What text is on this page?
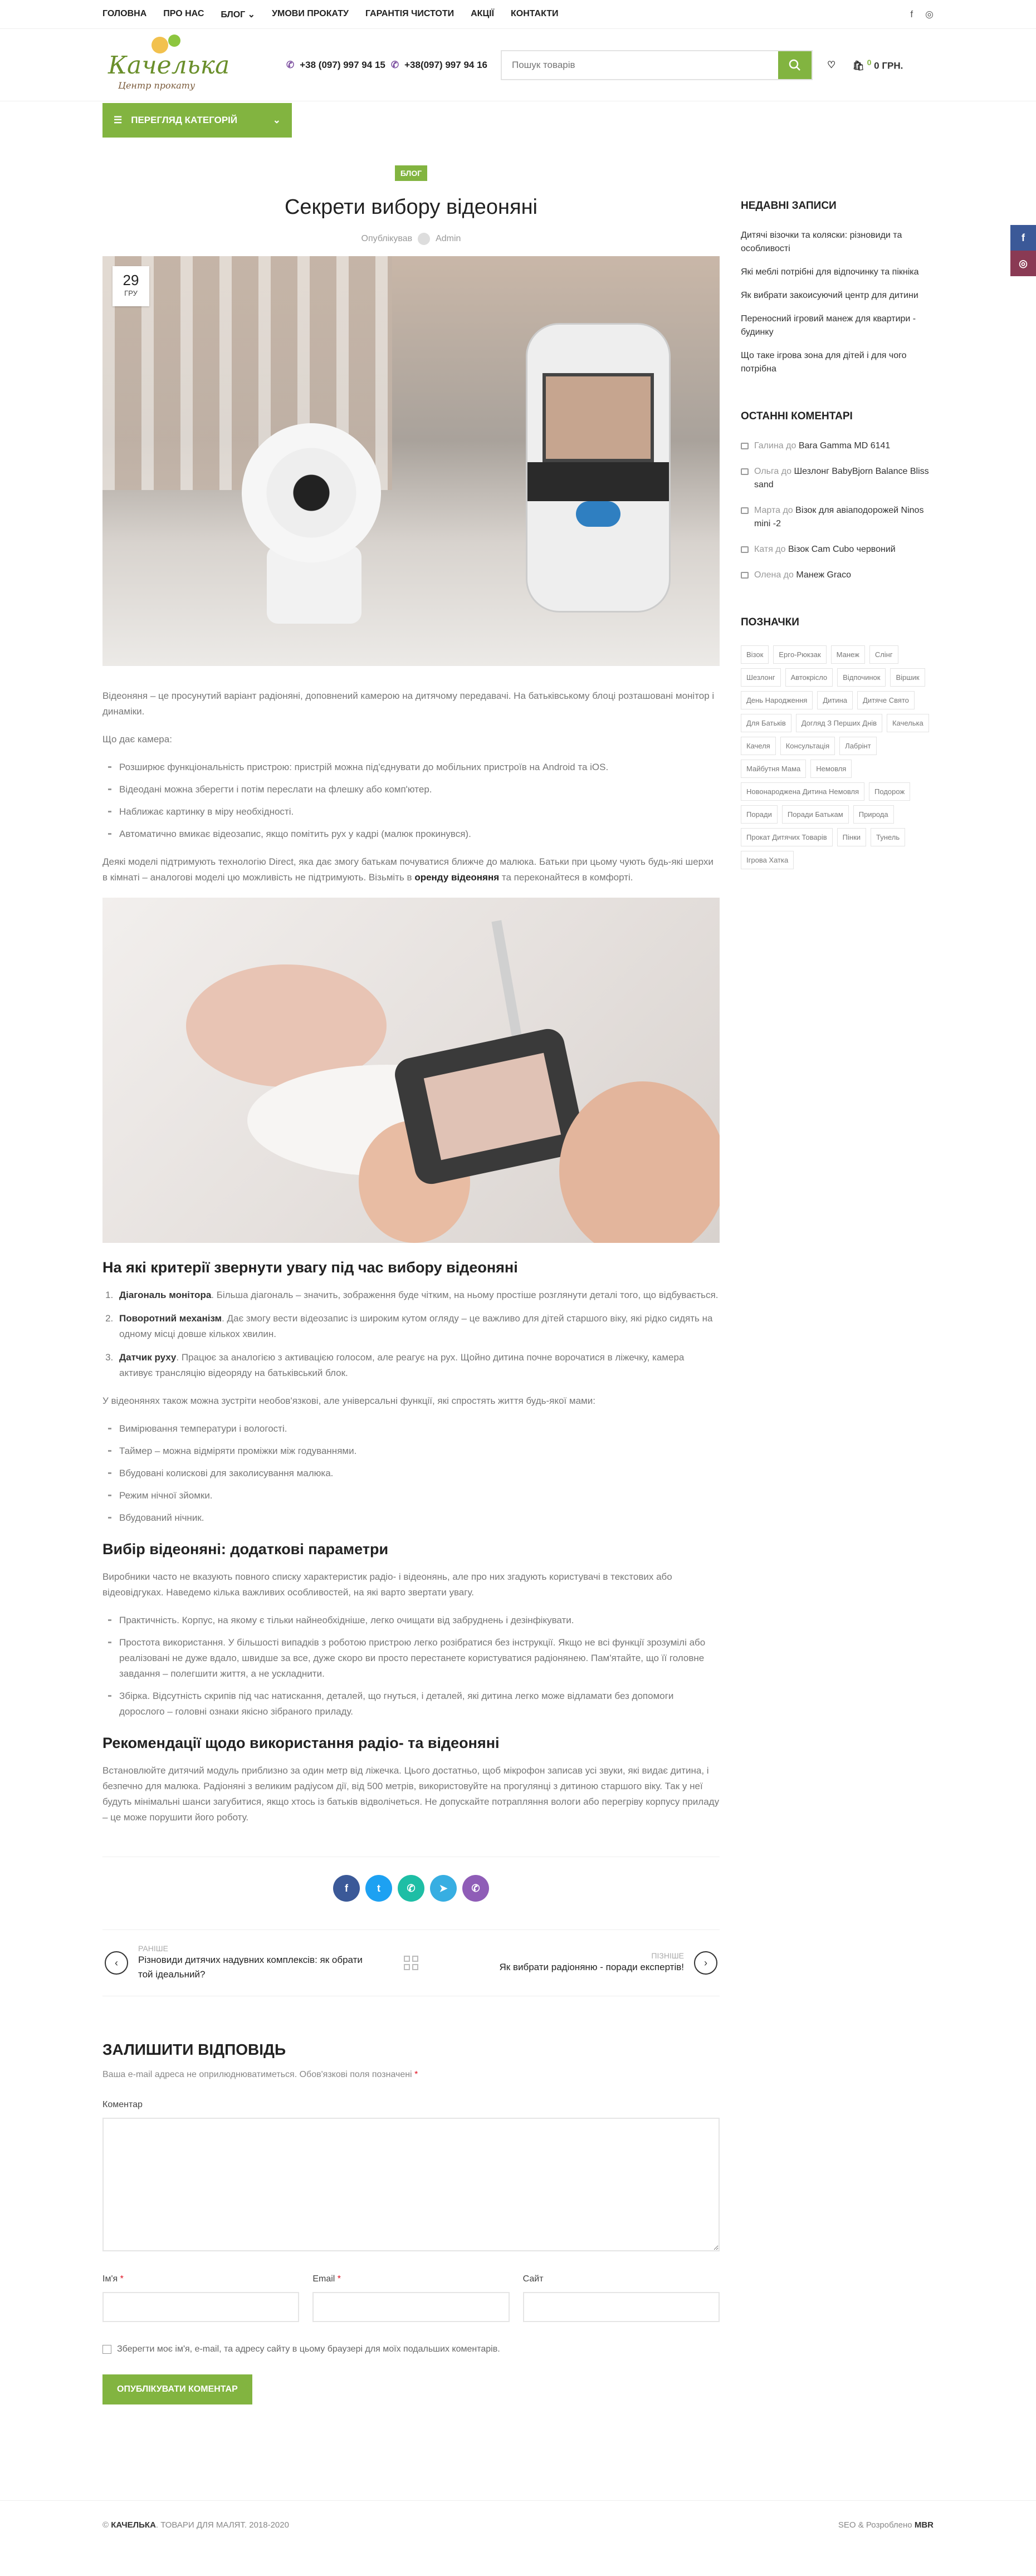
ГОЛОВНА ПРО НАС БЛОГ ⌄ УМОВИ ПРОКАТУ ГАРАНТІЯ ЧИСТОТИ АКЦІЇ КОНТАКТИ	f ◎
Качелька
Центр прокату
✆ +38 (097) 997 94 15 ✆ +38(097) 997 94 16
Пошук товарів	♡ 🛍 $^0$ 0 ГРН.
☰ ПЕРЕГЛЯД КАТЕГОРІЙ	⌄
f
◎
БЛОГ
Секрети вибору відеоняні
Опублікував	Admin
29
ГРУ

Відеоняня – це просунутий варіант радіоняні, доповнений камерою на дитячому передавачі. На батьківському блоці розташовані монітор і динаміки.

Що дає камера:

Розширює функціональність пристрою: пристрій можна під'єднувати до мобільних пристроїв на Android та iOS.
Відеодані можна зберегти і потім переслати на флешку або комп'ютер.
Наближає картинку в міру необхідності.
Автоматично вмикає відеозапис, якщо помітить рух у кадрі (малюк прокинувся).

Деякі моделі підтримують технологію Direct, яка дає змогу батькам почуватися ближче до малюка. Батьки при цьому чують будь-які шерхи в кімнаті – аналогові моделі цю можливість не підтримують. Візьміть в оренду відеоняня та переконайтеся в комфорті.

На які критерії звернути увагу під час вибору відеоняні
1. Діагональ монітора. Більша діагональ – значить, зображення буде чітким, на ньому простіше розглянути деталі того, що відбувається.
2. Поворотний механізм. Дає змогу вести відеозапис із широким кутом огляду – це важливо для дітей старшого віку, які рідко сидять на одному місці довше кількох хвилин.
3. Датчик руху. Працює за аналогією з активацією голосом, але реагує на рух. Щойно дитина почне ворочатися в ліжечку, камера активує трансляцію відеоряду на батьківський блок.

У відеонянях також можна зустріти необов'язкові, але універсальні функції, які спростять життя будь-якої мами:

Вимірювання температури і вологості.
Таймер – можна відміряти проміжки між годуваннями.
Вбудовані колискові для заколисування малюка.
Режим нічної зйомки.
Вбудований нічник.
Вибір відеоняні: додаткові параметри

Виробники часто не вказують повного списку характеристик радіо- і відеонянь, але про них згадують користувачі в текстових або відеовідгуках. Наведемо кілька важливих особливостей, на які варто звертати увагу.

Практичність. Корпус, на якому є тільки найнеобхідніше, легко очищати від забруднень і дезінфікувати.
Простота використання. У більшості випадків з роботою пристрою легко розібратися без інструкції. Якщо не всі функції зрозумілі або реалізовані не дуже вдало, швидше за все, дуже скоро ви просто перестанете користуватися радіонянею. Пам'ятайте, що її головне завдання – полегшити життя, а не ускладнити.
Збірка. Відсутність скрипів під час натискання, деталей, що гнуться, і деталей, які дитина легко може відламати без допомоги дорослого – головні ознаки якісно зібраного приладу.
Рекомендації щодо використання радіо- та відеоняні

Встановлюйте дитячий модуль приблизно за один метр від ліжечка. Цього достатньо, щоб мікрофон записав усі звуки, які видає дитина, і безпечно для малюка. Радіоняні з великим радіусом дії, від 500 метрів, використовуйте на прогулянці з дитиною старшого віку. Так у неї будуть мінімальні шанси загубитися, якщо хтось із батьків відволічеться. Не допускайте потрапляння вологи або перегріву корпусу приладу – це може порушити його роботу.

f	t	✆	➤	✆
‹
РАНІШЕ
Різновиди дитячих надувних комплексів: як обрати той ідеальний?
ПІЗНІШЕ
Як вибрати радіоняню - поради експертів!	›
ЗАЛИШИТИ ВІДПОВІДЬ

Ваша e-mail адреса не оприлюднюватиметься. Обов'язкові поля позначені *

Коментар
Ім'я *	Email *	Сайт
Зберегти моє ім'я, e-mail, та адресу сайту в цьому браузері для моїх подальших коментарів.
ОПУБЛІКУВАТИ КОМЕНТАР
НЕДАВНІ ЗАПИСИ
Дитячі візочки та коляски: різновиди та особливості
Які меблі потрібні для відпочинку та пікніка
Як вибрати закоисуючий центр для дитини
Переносний ігровий манеж для квартири - будинку
Що таке ігрова зона для дітей і для чого потрібна
ОСТАННІ КОМЕНТАРІ
Галина до Bara Gamma MD 6141
Ольга до Шезлонг BabyBjorn Balance Bliss sand
Марта до Візок для авіаподорожей Ninos mini -2
Катя до Візок Cam Cubo червоний
Олена до Манеж Graco
ПОЗНАЧКИ
Візок	Ергo-Рюкзак	Манеж	Слінг
Шезлонг	Автокрісло	Відпочинок	Віршик
День Народження	Дитина	Дитяче Свято
Для Батьків	Догляд З Перших Днів	Качелька
Качеля	Консультація	Лабрінт
Майбутня Мама	Немовля
Новонароджена Дитина Немовля	Подорож
Поради	Поради Батькам	Природа
Прокат Дитячих Товарів	Пінки	Тунель
Ігрова Хатка
© КАЧЕЛЬКА. ТОВАРИ ДЛЯ МАЛЯТ. 2018-2020	SEO & Розроблено MBR
